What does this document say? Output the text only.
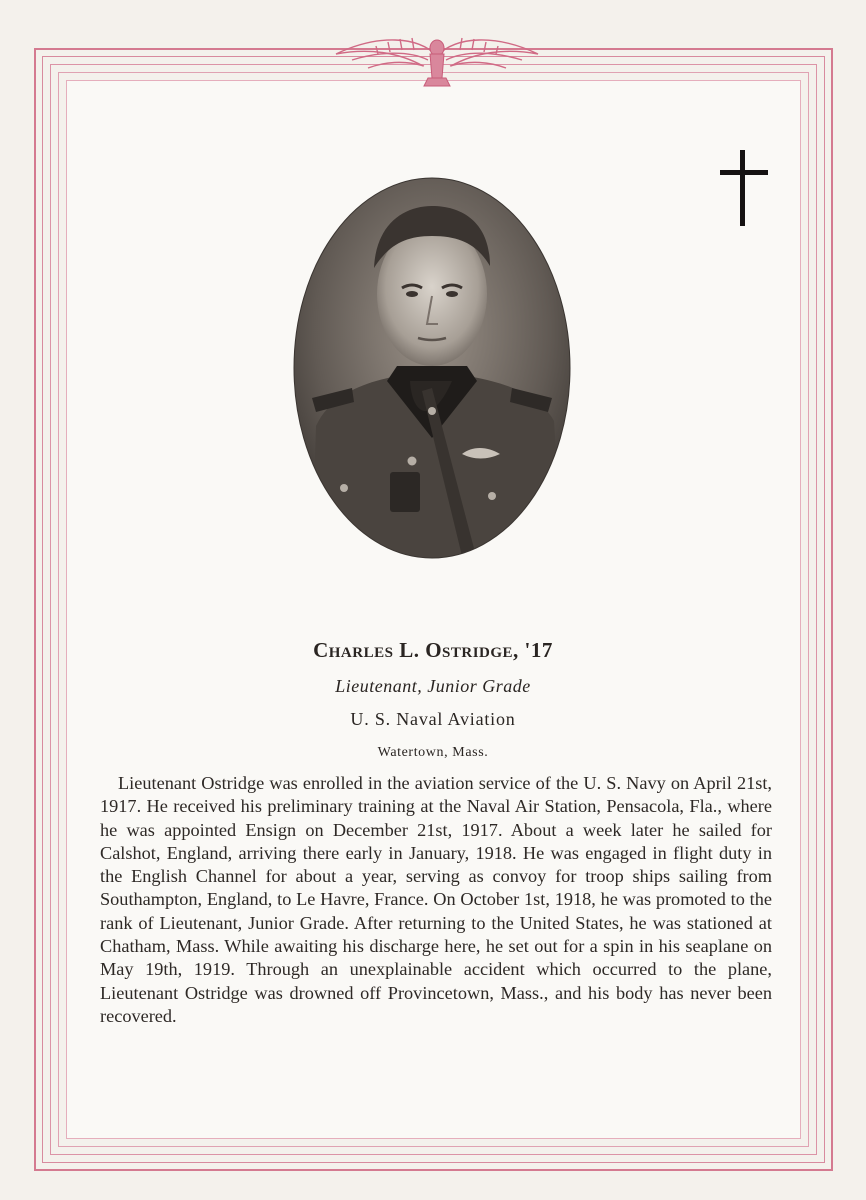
Charles L. Ostridge, '17
Lieutenant, Junior Grade
U. S. Naval Aviation
Watertown, Mass.

Lieutenant Ostridge was enrolled in the aviation service of the U. S. Navy on April 21st, 1917. He received his preliminary training at the Naval Air Station, Pensacola, Fla., where he was appointed Ensign on December 21st, 1917. About a week later he sailed for Calshot, England, arriving there early in January, 1918. He was engaged in flight duty in the English Channel for about a year, serving as convoy for troop ships sailing from Southampton, England, to Le Havre, France. On October 1st, 1918, he was promoted to the rank of Lieutenant, Junior Grade. After returning to the United States, he was stationed at Chatham, Mass. While awaiting his discharge here, he set out for a spin in his seaplane on May 19th, 1919. Through an unexplainable accident which occurred to the plane, Lieutenant Ostridge was drowned off Provincetown, Mass., and his body has never been recovered.
